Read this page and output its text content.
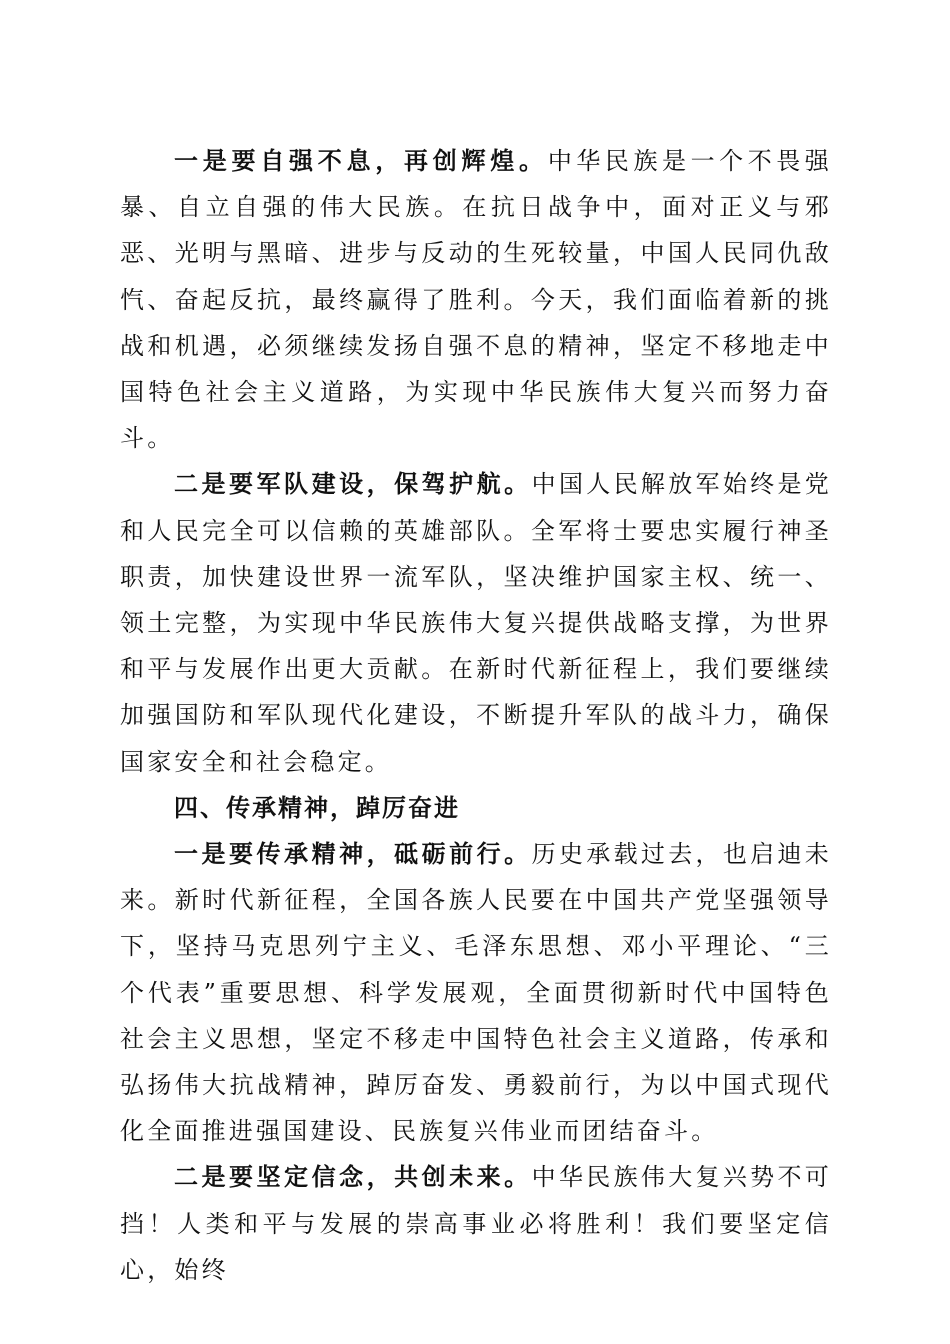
一是要自强不息，再创辉煌。中华民族是一个不畏强暴、自立自强的伟大民族。在抗日战争中，面对正义与邪恶、光明与黑暗、进步与反动的生死较量，中国人民同仇敌忾、奋起反抗，最终赢得了胜利。今天，我们面临着新的挑战和机遇，必须继续发扬自强不息的精神，坚定不移地走中国特色社会主义道路，为实现中华民族伟大复兴而努力奋斗。

二是要军队建设，保驾护航。中国人民解放军始终是党和人民完全可以信赖的英雄部队。全军将士要忠实履行神圣职责，加快建设世界一流军队，坚决维护国家主权、统一、领土完整，为实现中华民族伟大复兴提供战略支撑，为世界和平与发展作出更大贡献。在新时代新征程上，我们要继续加强国防和军队现代化建设，不断提升军队的战斗力，确保国家安全和社会稳定。

四、传承精神，踔厉奋进

一是要传承精神，砥砺前行。历史承载过去，也启迪未来。新时代新征程，全国各族人民要在中国共产党坚强领导下，坚持马克思列宁主义、毛泽东思想、邓小平理论、“三个代表”重要思想、科学发展观，全面贯彻新时代中国特色社会主义思想，坚定不移走中国特色社会主义道路，传承和弘扬伟大抗战精神，踔厉奋发、勇毅前行，为以中国式现代化全面推进强国建设、民族复兴伟业而团结奋斗。

二是要坚定信念，共创未来。中华民族伟大复兴势不可挡！人类和平与发展的崇高事业必将胜利！我们要坚定信心，始终
